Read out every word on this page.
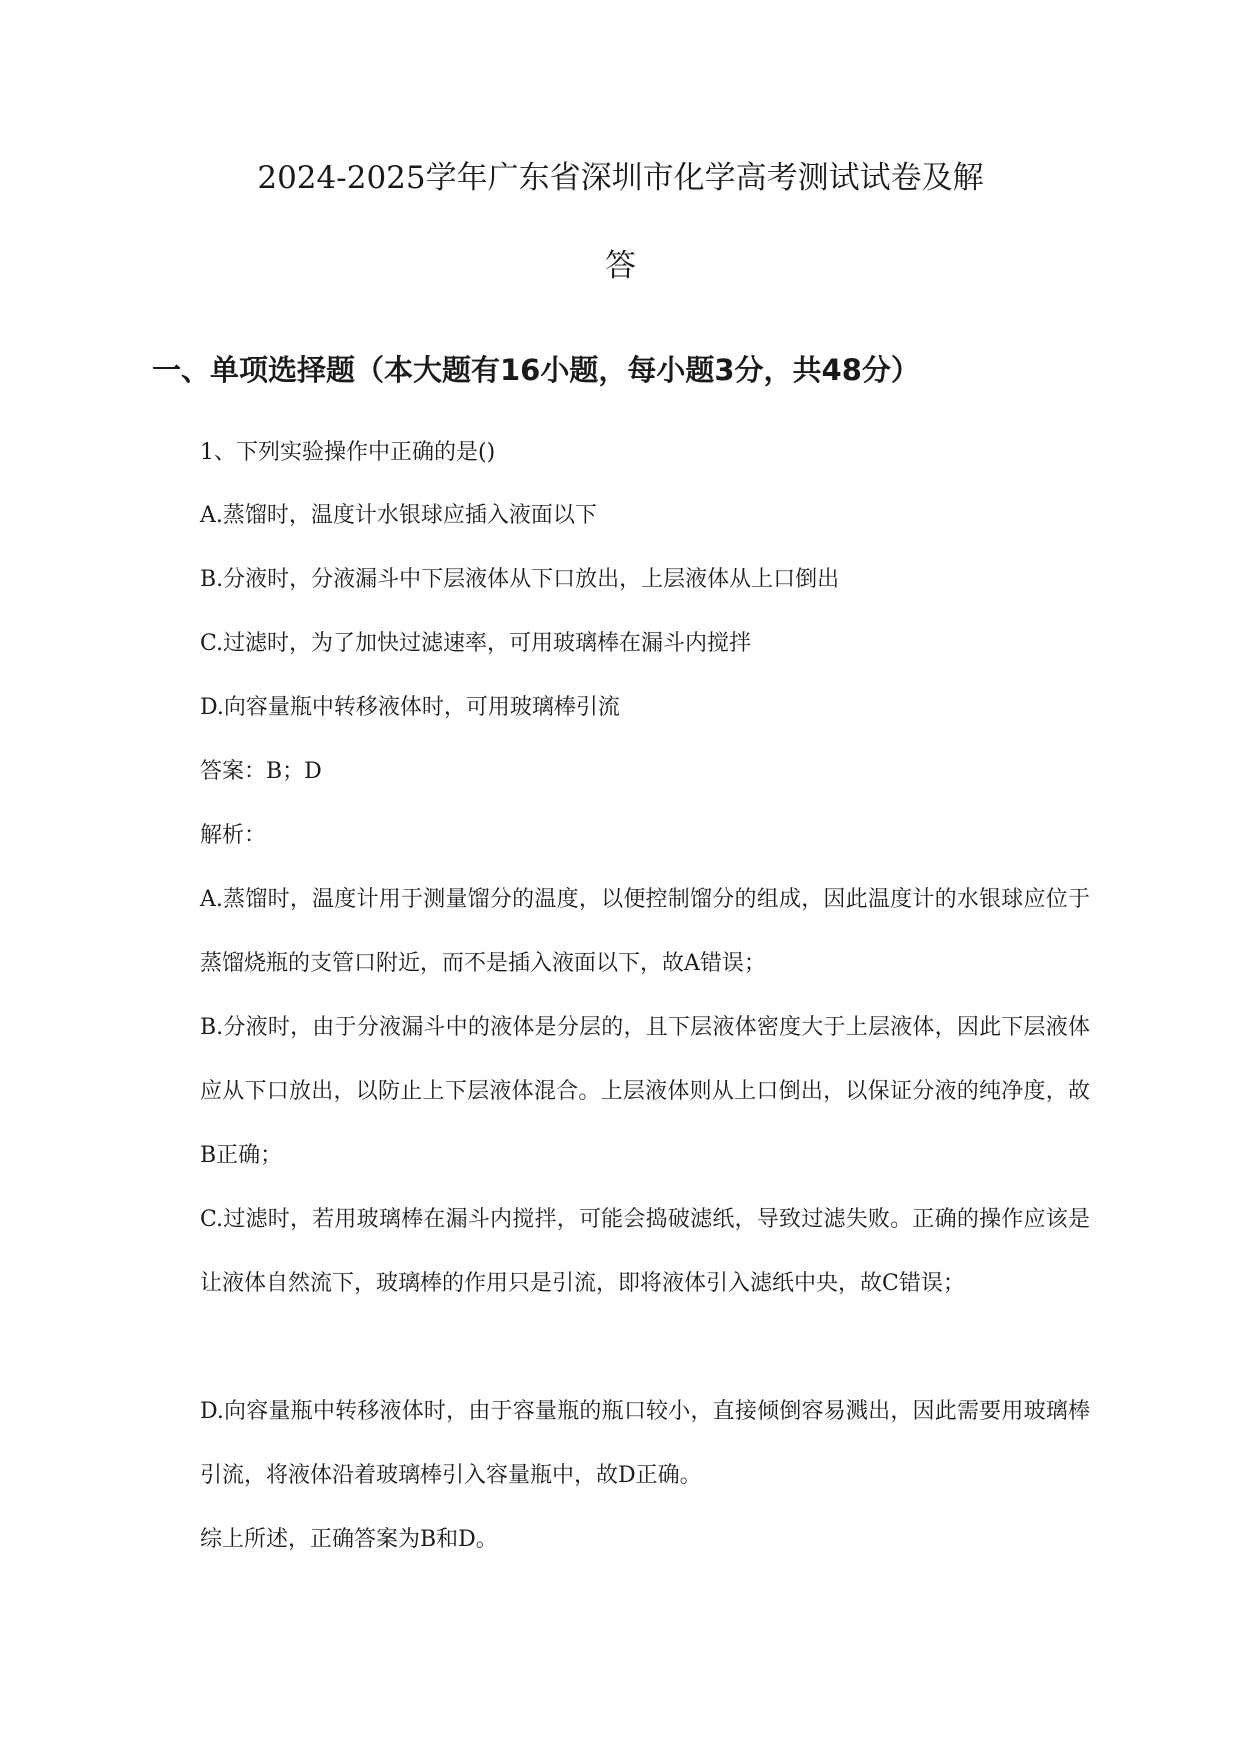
2024-2025学年广东省深圳市化学高考测试试卷及解
答
一、单项选择题（本大题有16小题，每小题3分，共48分）
1、下列实验操作中正确的是()
A.蒸馏时，温度计水银球应插入液面以下
B.分液时，分液漏斗中下层液体从下口放出，上层液体从上口倒出
C.过滤时，为了加快过滤速率，可用玻璃棒在漏斗内搅拌
D.向容量瓶中转移液体时，可用玻璃棒引流
答案：B；D
解析：
A.蒸馏时，温度计用于测量馏分的温度，以便控制馏分的组成，因此温度计的水银球应位于蒸馏烧瓶的支管口附近，而不是插入液面以下，故A错误；
B.分液时，由于分液漏斗中的液体是分层的，且下层液体密度大于上层液体，因此下层液体应从下口放出，以防止上下层液体混合。上层液体则从上口倒出，以保证分液的纯净度，故B正确；
C.过滤时，若用玻璃棒在漏斗内搅拌，可能会捣破滤纸，导致过滤失败。正确的操作应该是让液体自然流下，玻璃棒的作用只是引流，即将液体引入滤纸中央，故C错误；
D.向容量瓶中转移液体时，由于容量瓶的瓶口较小，直接倾倒容易溅出，因此需要用玻璃棒引流，将液体沿着玻璃棒引入容量瓶中，故D正确。
综上所述，正确答案为B和D。
